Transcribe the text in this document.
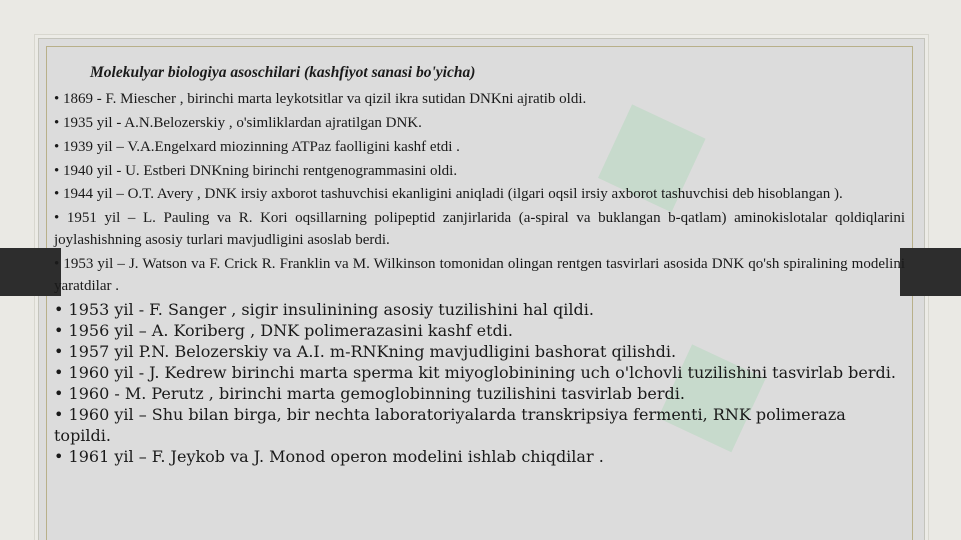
◆
◆

Molekulyar biologiya asoschilari (kashfiyot sanasi bo'yicha)

• 1869 - F. Miescher , birinchi marta leykotsitlar va qizil ikra sutidan DNKni ajratib oldi.

• 1935 yil - A.N.Belozerskiy , o'simliklardan ajratilgan DNK.

• 1939 yil – V.A.Engelxard miozinning ATPaz faolligini kashf etdi .

• 1940 yil - U. Estberi DNKning birinchi rentgenogrammasini oldi.

• 1944 yil – O.T. Avery , DNK irsiy axborot tashuvchisi ekanligini aniqladi (ilgari oqsil irsiy axborot tashuvchisi deb hisoblangan ).

• 1951 yil – L. Pauling va R. Kori oqsillarning polipeptid zanjirlarida (a-spiral va buklangan b-qatlam) aminokislotalar qoldiqlarini joylashishning asosiy turlari mavjudligini asoslab berdi.

• 1953 yil – J. Watson va F. Crick R. Franklin va M. Wilkinson tomonidan olingan rentgen tasvirlari asosida DNK qo'sh spiralining modelini yaratdilar .

• 1953 yil - F. Sanger , sigir insulinining asosiy tuzilishini hal qildi.

• 1956 yil – A. Koriberg , DNK polimerazasini kashf etdi.

• 1957 yil P.N. Belozerskiy va A.I. m-RNKning mavjudligini bashorat qilishdi.

• 1960 yil - J. Kedrew birinchi marta sperma kit miyoglobinining uch o'lchovli tuzilishini tasvirlab berdi.

• 1960 - M. Perutz , birinchi marta gemoglobinning tuzilishini tasvirlab berdi.

• 1960 yil – Shu bilan birga, bir nechta laboratoriyalarda transkripsiya fermenti, RNK polimeraza topildi.

• 1961 yil – F. Jeykob va J. Monod operon modelini ishlab chiqdilar .
